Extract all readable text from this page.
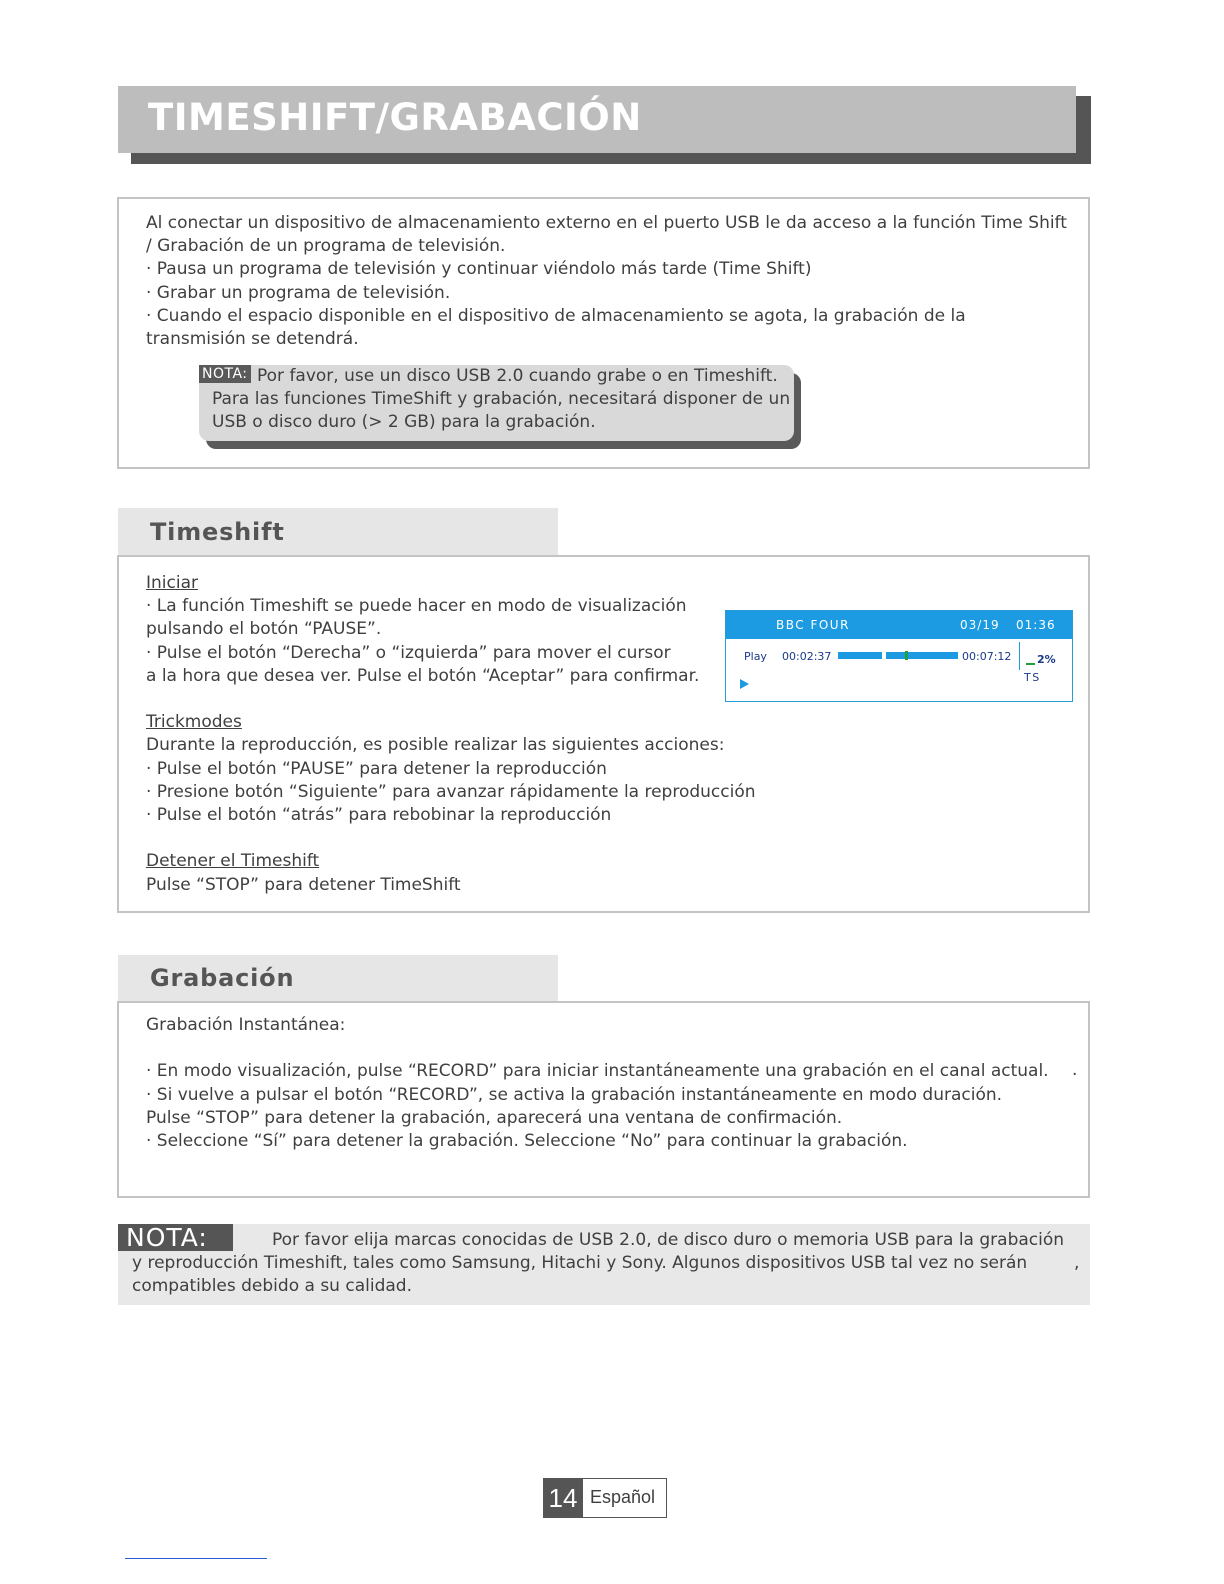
TIMESHIFT/GRABACIÓN
Al conectar un dispositivo de almacenamiento externo en el puerto USB le da acceso a la función Time Shift
/ Grabación de un programa de televisión.
· Pausa un programa de televisión y continuar viéndolo más tarde (Time Shift)
· Grabar un programa de televisión.
· Cuando el espacio disponible en el dispositivo de almacenamiento se agota, la grabación de la
transmisión se detendrá.
Por favor, use un disco USB 2.0 cuando grabe o en Timeshift.
Para las funciones TimeShift y grabación, necesitará disponer de un
USB o disco duro (> 2 GB) para la grabación.
NOTA:
Timeshift
Iniciar
· La función Timeshift se puede hacer en modo de visualización
pulsando el botón “PAUSE”.
· Pulse el botón “Derecha” o “izquierda” para mover el cursor
a la hora que desea ver. Pulse el botón “Aceptar” para confirmar.
Trickmodes
Durante la reproducción, es posible realizar las siguientes acciones:
· Pulse el botón “PAUSE” para detener la reproducción
· Presione botón “Siguiente” para avanzar rápidamente la reproducción
· Pulse el botón “atrás” para rebobinar la reproducción
Detener el Timeshift
Pulse “STOP” para detener TimeShift
BBC FOUR	03/19 01:36
Play 00:02:37	00:07:12 2%
TS
Grabación
Grabación Instantánea:
· En modo visualización, pulse “RECORD” para iniciar instantáneamente una grabación en el canal actual.
· Si vuelve a pulsar el botón “RECORD”, se activa la grabación instantáneamente en modo duración.
Pulse “STOP” para detener la grabación, aparecerá una ventana de confirmación.
· Seleccione “Sí” para detener la grabación. Seleccione “No” para continuar la grabación.
.
Por favor elija marcas conocidas de USB 2.0, de disco duro o memoria USB para la grabación
y reproducción Timeshift, tales como Samsung, Hitachi y Sony. Algunos dispositivos USB tal vez no serán
compatibles debido a su calidad.
NOTA:
,
14 Español
